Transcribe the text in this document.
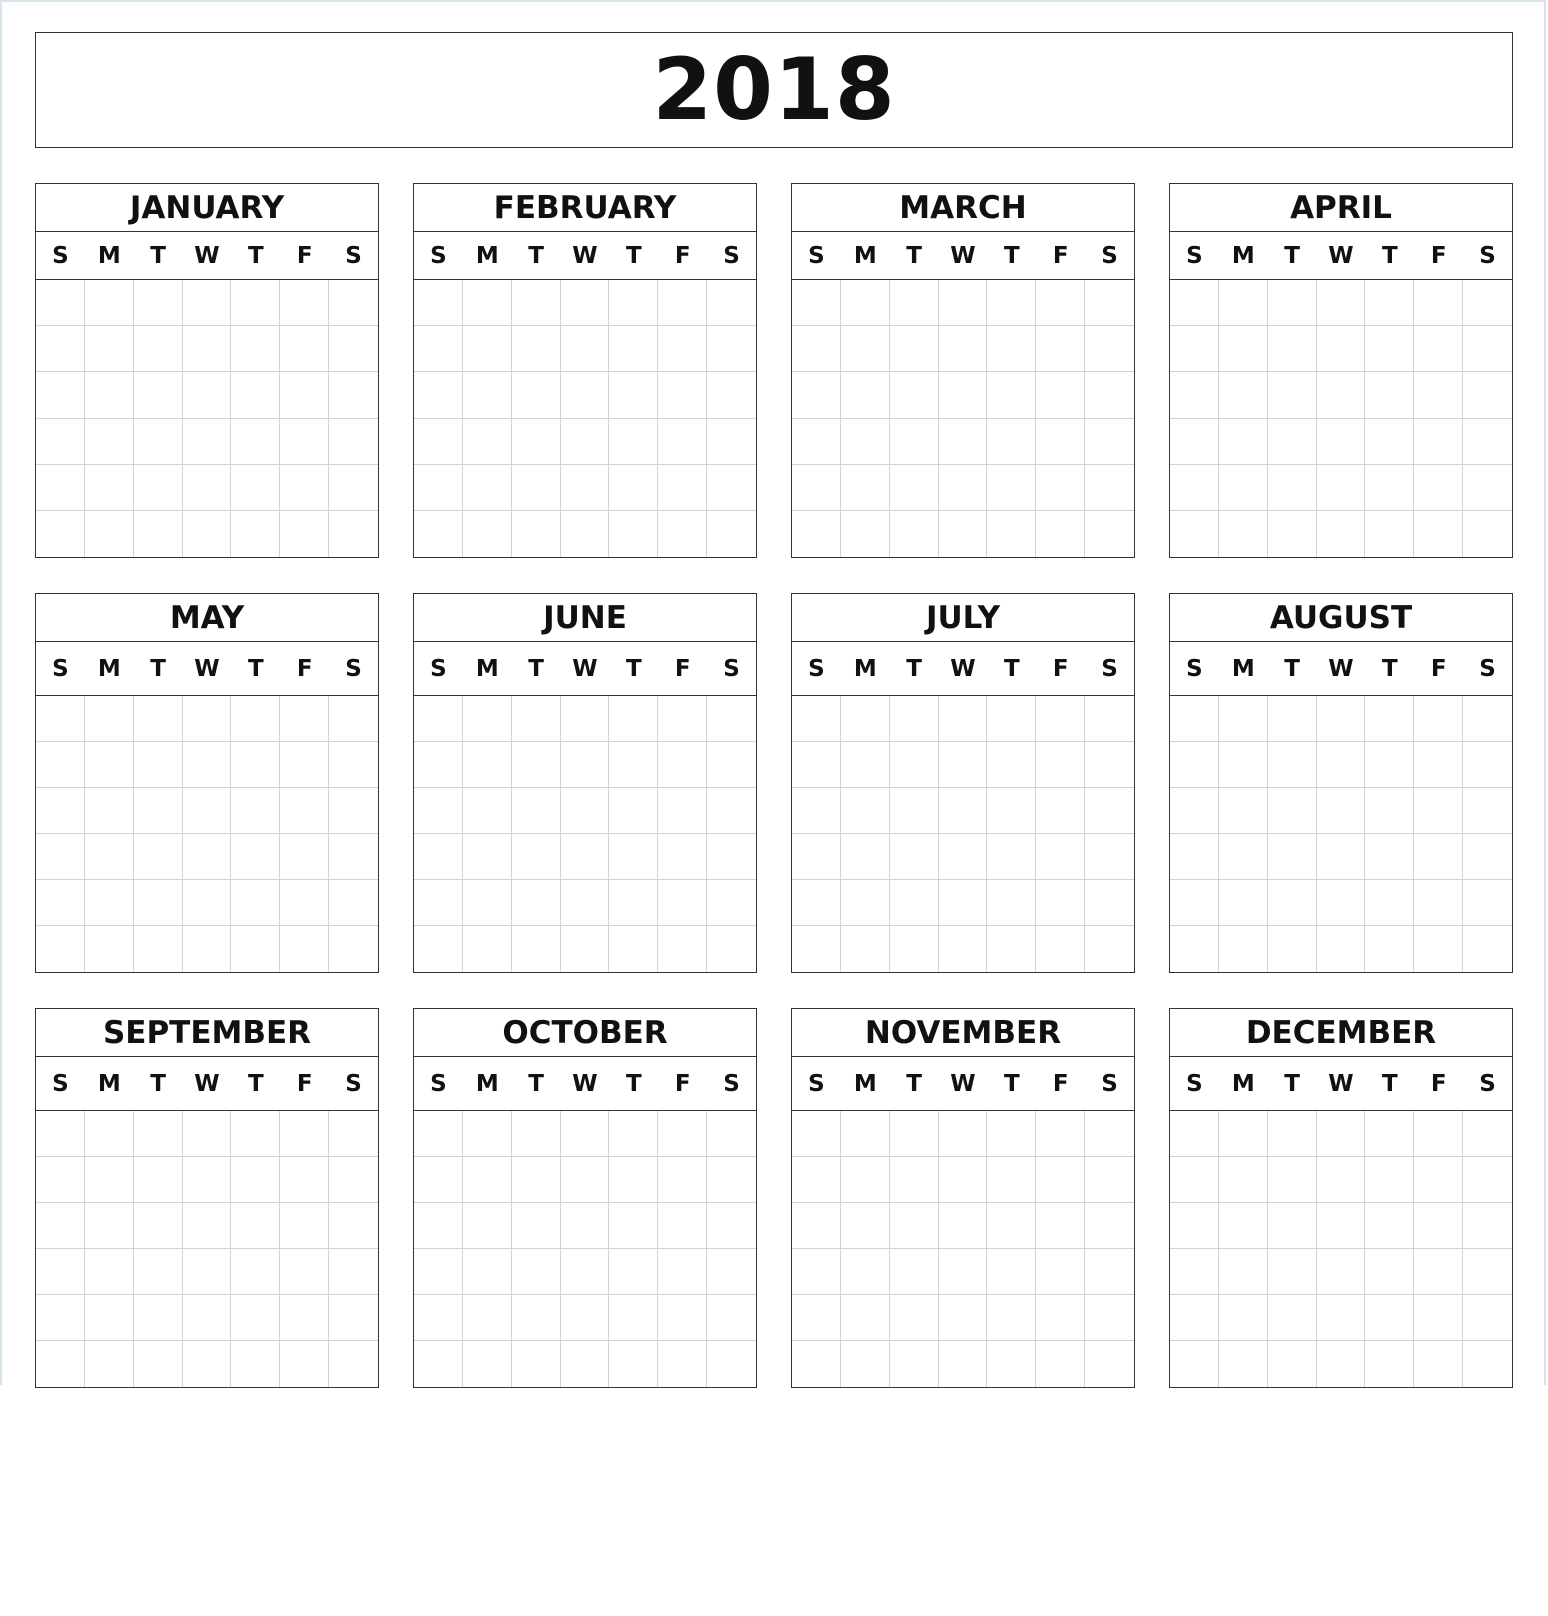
2018
JANUARY
S	M	T	W	T	F	S
FEBRUARY
S	M	T	W	T	F	S
MARCH
S	M	T	W	T	F	S
APRIL
S	M	T	W	T	F	S
MAY
S	M	T	W	T	F	S
JUNE
S	M	T	W	T	F	S
JULY
S	M	T	W	T	F	S
AUGUST
S	M	T	W	T	F	S
SEPTEMBER
S	M	T	W	T	F	S
OCTOBER
S	M	T	W	T	F	S
NOVEMBER
S	M	T	W	T	F	S
DECEMBER
S	M	T	W	T	F	S
